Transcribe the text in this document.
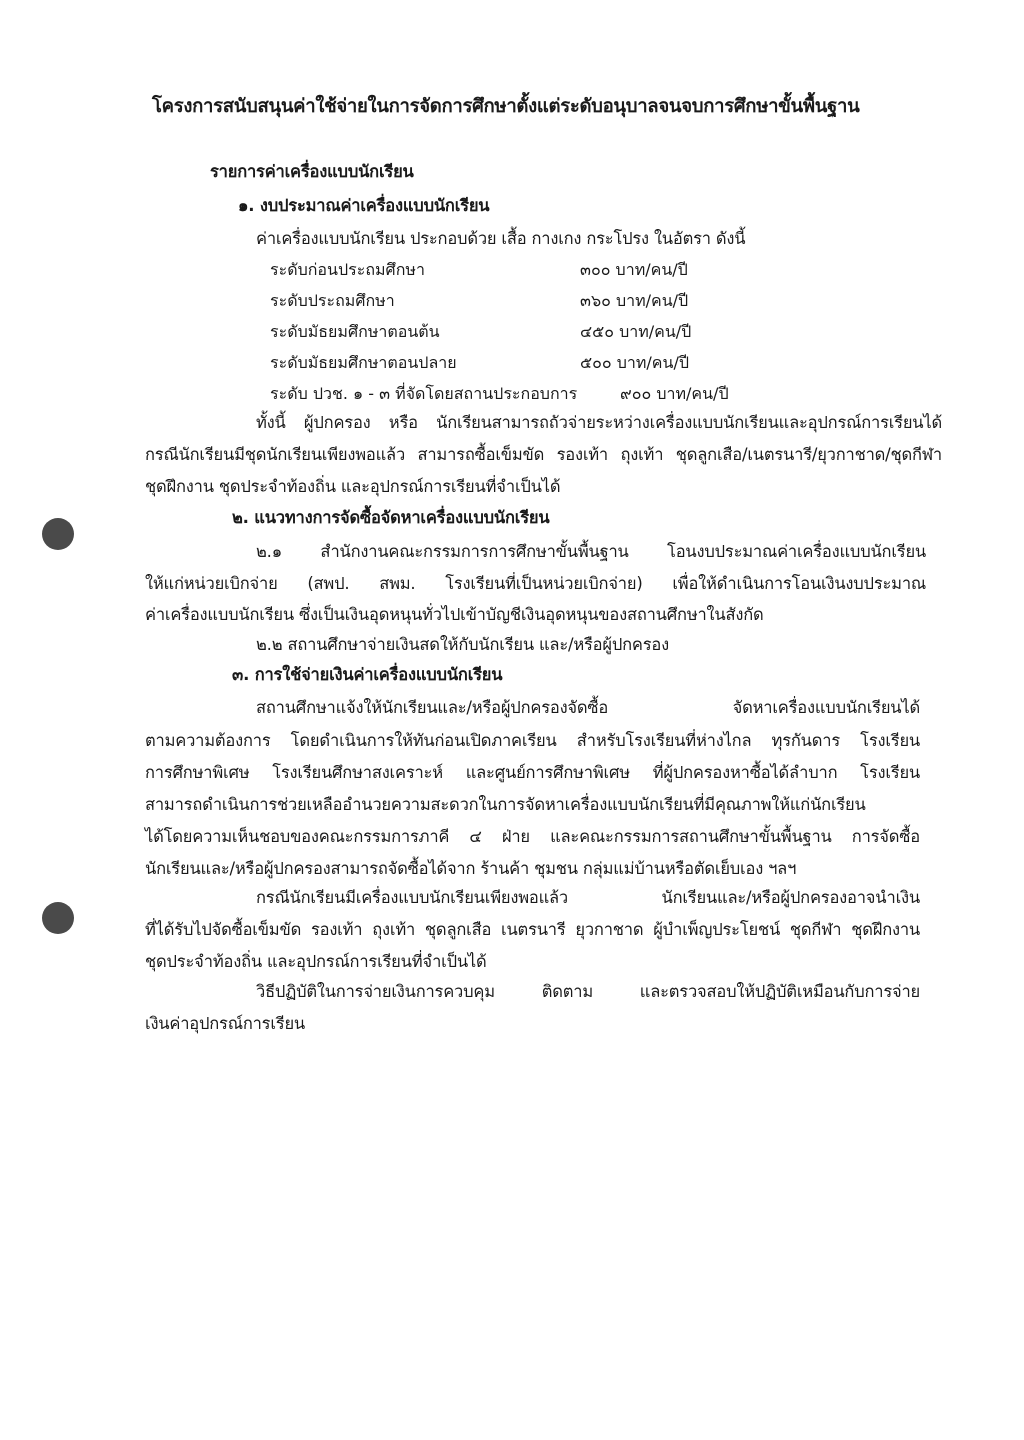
โครงการสนับสนุนค่าใช้จ่ายในการจัดการศึกษาตั้งแต่ระดับอนุบาลจนจบการศึกษาขั้นพื้นฐาน
รายการค่าเครื่องแบบนักเรียน
๑. งบประมาณค่าเครื่องแบบนักเรียน
ค่าเครื่องแบบนักเรียน ประกอบด้วย เสื้อ กางเกง กระโปรง ในอัตรา ดังนี้
ระดับก่อนประถมศึกษา	๓๐๐ บาท/คน/ปี
ระดับประถมศึกษา	๓๖๐ บาท/คน/ปี
ระดับมัธยมศึกษาตอนต้น	๔๕๐ บาท/คน/ปี
ระดับมัธยมศึกษาตอนปลาย	๕๐๐ บาท/คน/ปี
ระดับ ปวช. ๑ - ๓ ที่จัดโดยสถานประกอบการ	๙๐๐ บาท/คน/ปี
ทั้งนี้ ผู้ปกครอง หรือ นักเรียนสามารถถัวจ่ายระหว่างเครื่องแบบนักเรียนและอุปกรณ์การเรียนได้
กรณีนักเรียนมีชุดนักเรียนเพียงพอแล้ว สามารถซื้อเข็มขัด รองเท้า ถุงเท้า ชุดลูกเสือ/เนตรนารี/ยุวกาชาด/ชุดกีฬา
ชุดฝึกงาน ชุดประจำท้องถิ่น และอุปกรณ์การเรียนที่จำเป็นได้
๒. แนวทางการจัดซื้อจัดหาเครื่องแบบนักเรียน
๒.๑ สำนักงานคณะกรรมการการศึกษาขั้นพื้นฐาน โอนงบประมาณค่าเครื่องแบบนักเรียน
ให้แก่หน่วยเบิกจ่าย (สพป. สพม. โรงเรียนที่เป็นหน่วยเบิกจ่าย) เพื่อให้ดำเนินการโอนเงินงบประมาณ
ค่าเครื่องแบบนักเรียน ซึ่งเป็นเงินอุดหนุนทั่วไปเข้าบัญชีเงินอุดหนุนของสถานศึกษาในสังกัด
๒.๒ สถานศึกษาจ่ายเงินสดให้กับนักเรียน และ/หรือผู้ปกครอง
๓. การใช้จ่ายเงินค่าเครื่องแบบนักเรียน
สถานศึกษาแจ้งให้นักเรียนและ/หรือผู้ปกครองจัดซื้อ จัดหาเครื่องแบบนักเรียนได้
ตามความต้องการ โดยดำเนินการให้ทันก่อนเปิดภาคเรียน สำหรับโรงเรียนที่ห่างไกล ทุรกันดาร โรงเรียน
การศึกษาพิเศษ โรงเรียนศึกษาสงเคราะห์ และศูนย์การศึกษาพิเศษ ที่ผู้ปกครองหาซื้อได้ลำบาก โรงเรียน
สามารถดำเนินการช่วยเหลืออำนวยความสะดวกในการจัดหาเครื่องแบบนักเรียนที่มีคุณภาพให้แก่นักเรียน
ได้โดยความเห็นชอบของคณะกรรมการภาคี ๔ ฝ่าย และคณะกรรมการสถานศึกษาขั้นพื้นฐาน การจัดซื้อ
นักเรียนและ/หรือผู้ปกครองสามารถจัดซื้อได้จาก ร้านค้า ชุมชน กลุ่มแม่บ้านหรือตัดเย็บเอง ฯลฯ
กรณีนักเรียนมีเครื่องแบบนักเรียนเพียงพอแล้ว นักเรียนและ/หรือผู้ปกครองอาจนำเงิน
ที่ได้รับไปจัดซื้อเข็มขัด รองเท้า ถุงเท้า ชุดลูกเสือ เนตรนารี ยุวกาชาด ผู้บำเพ็ญประโยชน์ ชุดกีฬา ชุดฝึกงาน
ชุดประจำท้องถิ่น และอุปกรณ์การเรียนที่จำเป็นได้
วิธีปฏิบัติในการจ่ายเงินการควบคุม ติดตาม และตรวจสอบให้ปฏิบัติเหมือนกับการจ่าย
เงินค่าอุปกรณ์การเรียน
